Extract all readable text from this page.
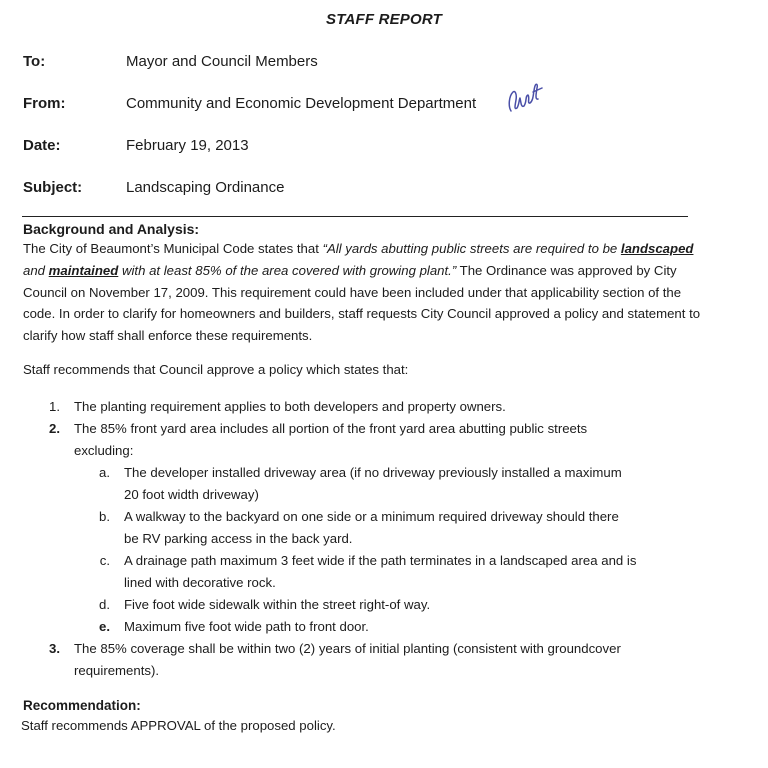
STAFF REPORT
To:	Mayor and Council Members
From:	Community and Economic Development Department
Date:	February 19, 2013
Subject:	Landscaping Ordinance
Background and Analysis:
The City of Beaumont’s Municipal Code states that “All yards abutting public streets are required to be landscaped and maintained with at least 85% of the area covered with growing plant.” The Ordinance was approved by City Council on November 17, 2009. This requirement could have been included under that applicability section of the code. In order to clarify for homeowners and builders, staff requests City Council approved a policy and statement to clarify how staff shall enforce these requirements.
Staff recommends that Council approve a policy which states that:
1. The planting requirement applies to both developers and property owners.
2. The 85% front yard area includes all portion of the front yard area abutting public streets
excluding:
a. The developer installed driveway area (if no driveway previously installed a maximum
20 foot width driveway)
b. A walkway to the backyard on one side or a minimum required driveway should there
be RV parking access in the back yard.
c. A drainage path maximum 3 feet wide if the path terminates in a landscaped area and is
lined with decorative rock.
d. Five foot wide sidewalk within the street right-of way.
e. Maximum five foot wide path to front door.
3. The 85% coverage shall be within two (2) years of initial planting (consistent with groundcover
requirements).
Recommendation:
Staff recommends APPROVAL of the proposed policy.
